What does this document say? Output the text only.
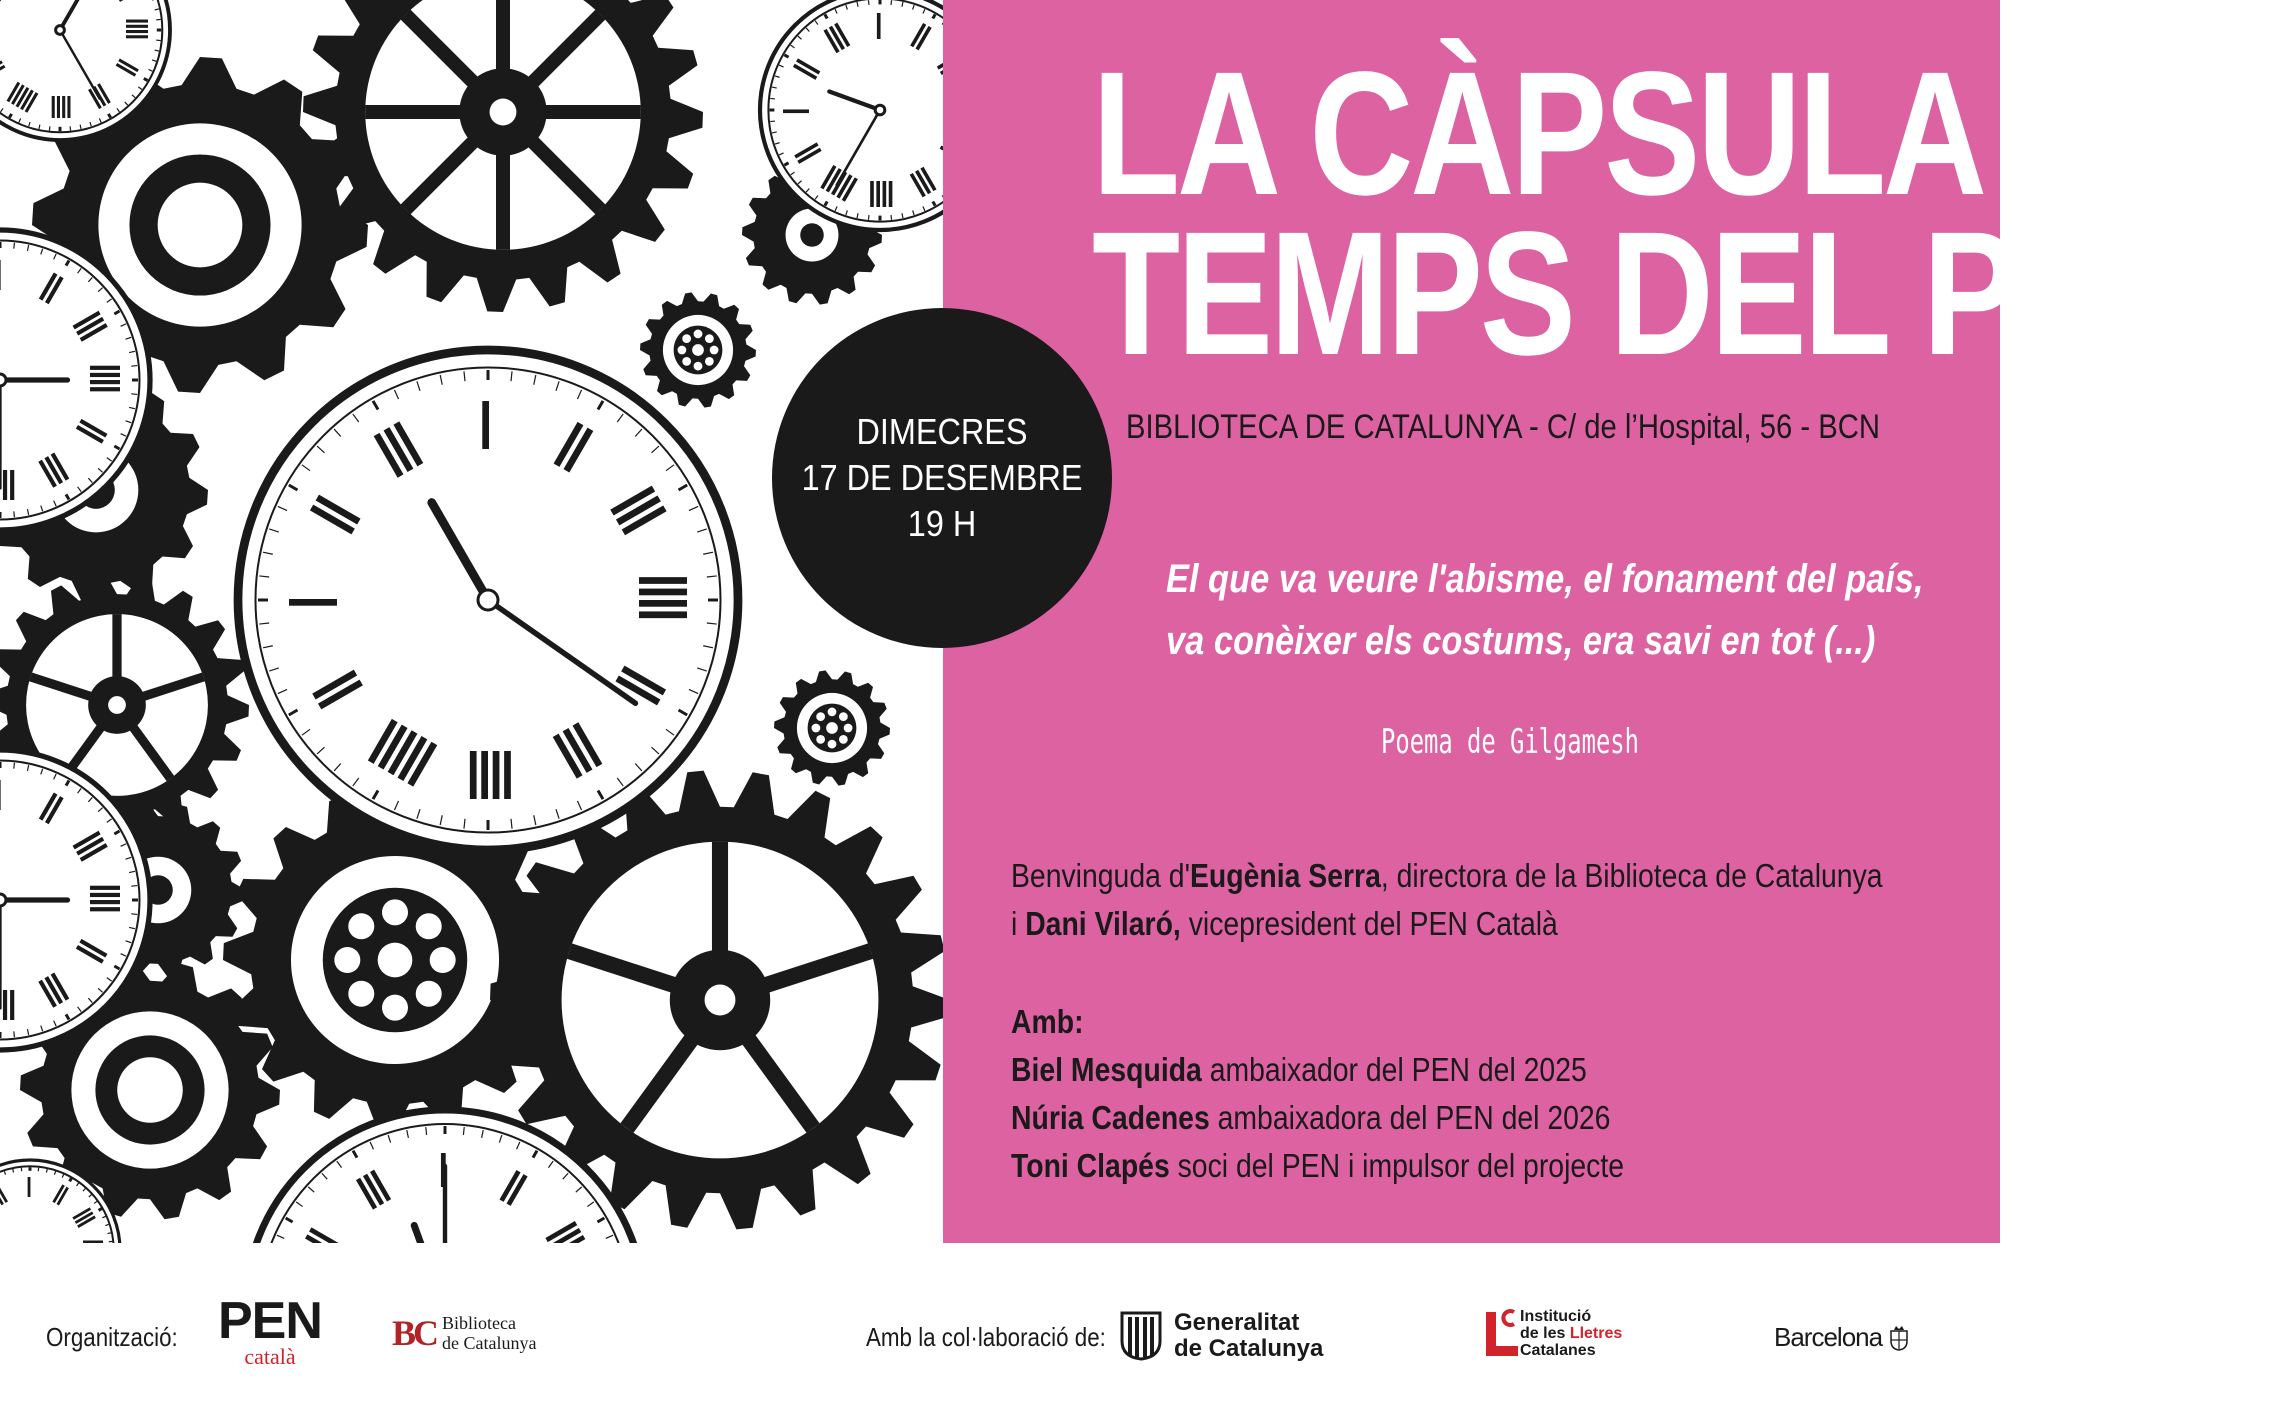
LA CÀPSULA DEL
TEMPS DEL PEN
DIMECRES
17 DE DESEMBRE
19 H
BIBLIOTECA DE CATALUNYA - C/ de l’Hospital, 56 - BCN
El que va veure l'abisme, el fonament del país,
va conèixer els costums, era savi en tot (...)
Poema de Gilgamesh
Benvinguda d'Eugènia Serra, directora de la Biblioteca de Catalunya
i Dani Vilaró, vicepresident del PEN Català
Amb:
Biel Mesquida ambaixador del PEN del 2025
Núria Cadenes ambaixadora del PEN del 2026
Toni Clapés soci del PEN i impulsor del projecte
Organització: PEN
català
BC Biblioteca
de Catalunya	Amb la col·laboració de:	Generalitat
de Catalunya
Institució
de les Lletres
Catalanes	Barcelona
